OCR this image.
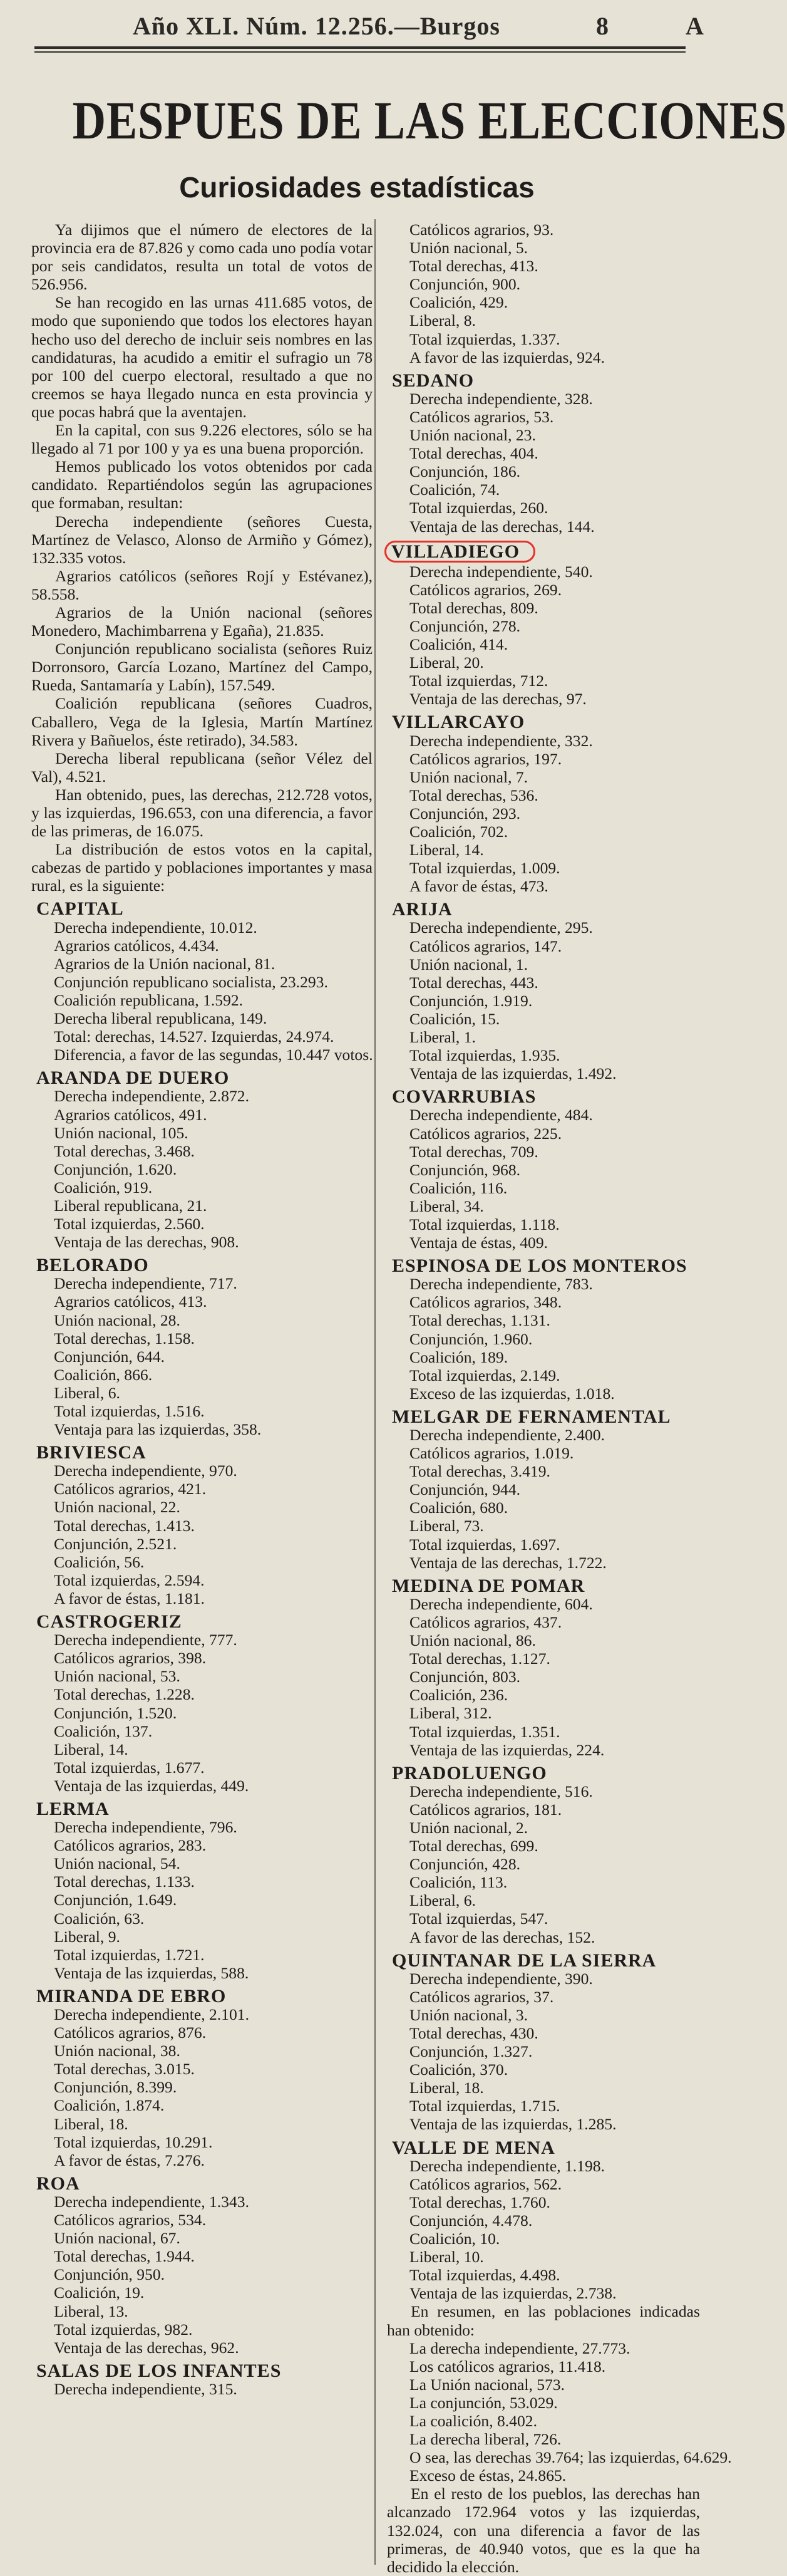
Año XLI. Núm. 12.256.—Burgos	8	A
DESPUES DE LAS ELECCIONES
Curiosidades estadísticas

Ya dijimos que el número de electores de la provincia era de 87.826 y como cada uno podía votar por seis candidatos, resulta un total de votos de 526.956.

Se han recogido en las urnas 411.685 votos, de modo que suponiendo que todos los electores hayan hecho uso del derecho de incluir seis nombres en las candidaturas, ha acudido a emitir el sufragio un 78 por 100 del cuerpo electoral, resultado a que no creemos se haya llegado nunca en esta provincia y que pocas habrá que la aventajen.

En la capital, con sus 9.226 electores, sólo se ha llegado al 71 por 100 y ya es una buena proporción.

Hemos publicado los votos obtenidos por cada candidato. Repartiéndolos según las agrupaciones que formaban, resultan:

Derecha independiente (señores Cuesta, Martínez de Velasco, Alonso de Armiño y Gómez), 132.335 votos.

Agrarios católicos (señores Rojí y Estévanez), 58.558.

Agrarios de la Unión nacional (señores Monedero, Machimbarrena y Egaña), 21.835.

Conjunción republicano socialista (señores Ruiz Dorronsoro, García Lozano, Martínez del Campo, Rueda, Santamaría y Labín), 157.549.

Coalición republicana (señores Cuadros, Caballero, Vega de la Iglesia, Martín Martínez Rivera y Bañuelos, éste retirado), 34.583.

Derecha liberal republicana (señor Vélez del Val), 4.521.

Han obtenido, pues, las derechas, 212.728 votos, y las izquierdas, 196.653, con una diferencia, a favor de las primeras, de 16.075.

La distribución de estos votos en la capital, cabezas de partido y poblaciones importantes y masa rural, es la siguiente:

CAPITAL
Derecha independiente, 10.012.
Agrarios católicos, 4.434.
Agrarios de la Unión nacional, 81.
Conjunción republicano socialista, 23.293.
Coalición republicana, 1.592.
Derecha liberal republicana, 149.
Total: derechas, 14.527. Izquierdas, 24.974.
Diferencia, a favor de las segundas, 10.447 votos.
ARANDA DE DUERO
Derecha independiente, 2.872.
Agrarios católicos, 491.
Unión nacional, 105.
Total derechas, 3.468.
Conjunción, 1.620.
Coalición, 919.
Liberal republicana, 21.
Total izquierdas, 2.560.
Ventaja de las derechas, 908.
BELORADO
Derecha independiente, 717.
Agrarios católicos, 413.
Unión nacional, 28.
Total derechas, 1.158.
Conjunción, 644.
Coalición, 866.
Liberal, 6.
Total izquierdas, 1.516.
Ventaja para las izquierdas, 358.
BRIVIESCA
Derecha independiente, 970.
Católicos agrarios, 421.
Unión nacional, 22.
Total derechas, 1.413.
Conjunción, 2.521.
Coalición, 56.
Total izquierdas, 2.594.
A favor de éstas, 1.181.
CASTROGERIZ
Derecha independiente, 777.
Católicos agrarios, 398.
Unión nacional, 53.
Total derechas, 1.228.
Conjunción, 1.520.
Coalición, 137.
Liberal, 14.
Total izquierdas, 1.677.
Ventaja de las izquierdas, 449.
LERMA
Derecha independiente, 796.
Católicos agrarios, 283.
Unión nacional, 54.
Total derechas, 1.133.
Conjunción, 1.649.
Coalición, 63.
Liberal, 9.
Total izquierdas, 1.721.
Ventaja de las izquierdas, 588.
MIRANDA DE EBRO
Derecha independiente, 2.101.
Católicos agrarios, 876.
Unión nacional, 38.
Total derechas, 3.015.
Conjunción, 8.399.
Coalición, 1.874.
Liberal, 18.
Total izquierdas, 10.291.
A favor de éstas, 7.276.
ROA
Derecha independiente, 1.343.
Católicos agrarios, 534.
Unión nacional, 67.
Total derechas, 1.944.
Conjunción, 950.
Coalición, 19.
Liberal, 13.
Total izquierdas, 982.
Ventaja de las derechas, 962.
SALAS DE LOS INFANTES
Derecha independiente, 315.
Católicos agrarios, 93.
Unión nacional, 5.
Total derechas, 413.
Conjunción, 900.
Coalición, 429.
Liberal, 8.
Total izquierdas, 1.337.
A favor de las izquierdas, 924.
SEDANO
Derecha independiente, 328.
Católicos agrarios, 53.
Unión nacional, 23.
Total derechas, 404.
Conjunción, 186.
Coalición, 74.
Total izquierdas, 260.
Ventaja de las derechas, 144.
VILLADIEGO
Derecha independiente, 540.
Católicos agrarios, 269.
Total derechas, 809.
Conjunción, 278.
Coalición, 414.
Liberal, 20.
Total izquierdas, 712.
Ventaja de las derechas, 97.
VILLARCAYO
Derecha independiente, 332.
Católicos agrarios, 197.
Unión nacional, 7.
Total derechas, 536.
Conjunción, 293.
Coalición, 702.
Liberal, 14.
Total izquierdas, 1.009.
A favor de éstas, 473.
ARIJA
Derecha independiente, 295.
Católicos agrarios, 147.
Unión nacional, 1.
Total derechas, 443.
Conjunción, 1.919.
Coalición, 15.
Liberal, 1.
Total izquierdas, 1.935.
Ventaja de las izquierdas, 1.492.
COVARRUBIAS
Derecha independiente, 484.
Católicos agrarios, 225.
Total derechas, 709.
Conjunción, 968.
Coalición, 116.
Liberal, 34.
Total izquierdas, 1.118.
Ventaja de éstas, 409.
ESPINOSA DE LOS MONTEROS
Derecha independiente, 783.
Católicos agrarios, 348.
Total derechas, 1.131.
Conjunción, 1.960.
Coalición, 189.
Total izquierdas, 2.149.
Exceso de las izquierdas, 1.018.
MELGAR DE FERNAMENTAL
Derecha independiente, 2.400.
Católicos agrarios, 1.019.
Total derechas, 3.419.
Conjunción, 944.
Coalición, 680.
Liberal, 73.
Total izquierdas, 1.697.
Ventaja de las derechas, 1.722.
MEDINA DE POMAR
Derecha independiente, 604.
Católicos agrarios, 437.
Unión nacional, 86.
Total derechas, 1.127.
Conjunción, 803.
Coalición, 236.
Liberal, 312.
Total izquierdas, 1.351.
Ventaja de las izquierdas, 224.
PRADOLUENGO
Derecha independiente, 516.
Católicos agrarios, 181.
Unión nacional, 2.
Total derechas, 699.
Conjunción, 428.
Coalición, 113.
Liberal, 6.
Total izquierdas, 547.
A favor de las derechas, 152.
QUINTANAR DE LA SIERRA
Derecha independiente, 390.
Católicos agrarios, 37.
Unión nacional, 3.
Total derechas, 430.
Conjunción, 1.327.
Coalición, 370.
Liberal, 18.
Total izquierdas, 1.715.
Ventaja de las izquierdas, 1.285.
VALLE DE MENA
Derecha independiente, 1.198.
Católicos agrarios, 562.
Total derechas, 1.760.
Conjunción, 4.478.
Coalición, 10.
Liberal, 10.
Total izquierdas, 4.498.
Ventaja de las izquierdas, 2.738.

En resumen, en las poblaciones indicadas han obtenido:

La derecha independiente, 27.773.
Los católicos agrarios, 11.418.
La Unión nacional, 573.
La conjunción, 53.029.
La coalición, 8.402.
La derecha liberal, 726.
O sea, las derechas 39.764; las izquierdas, 64.629.
Exceso de éstas, 24.865.

En el resto de los pueblos, las derechas han alcanzado 172.964 votos y las izquierdas, 132.024, con una diferencia a favor de las primeras, de 40.940 votos, que es la que ha decidido la elección.
